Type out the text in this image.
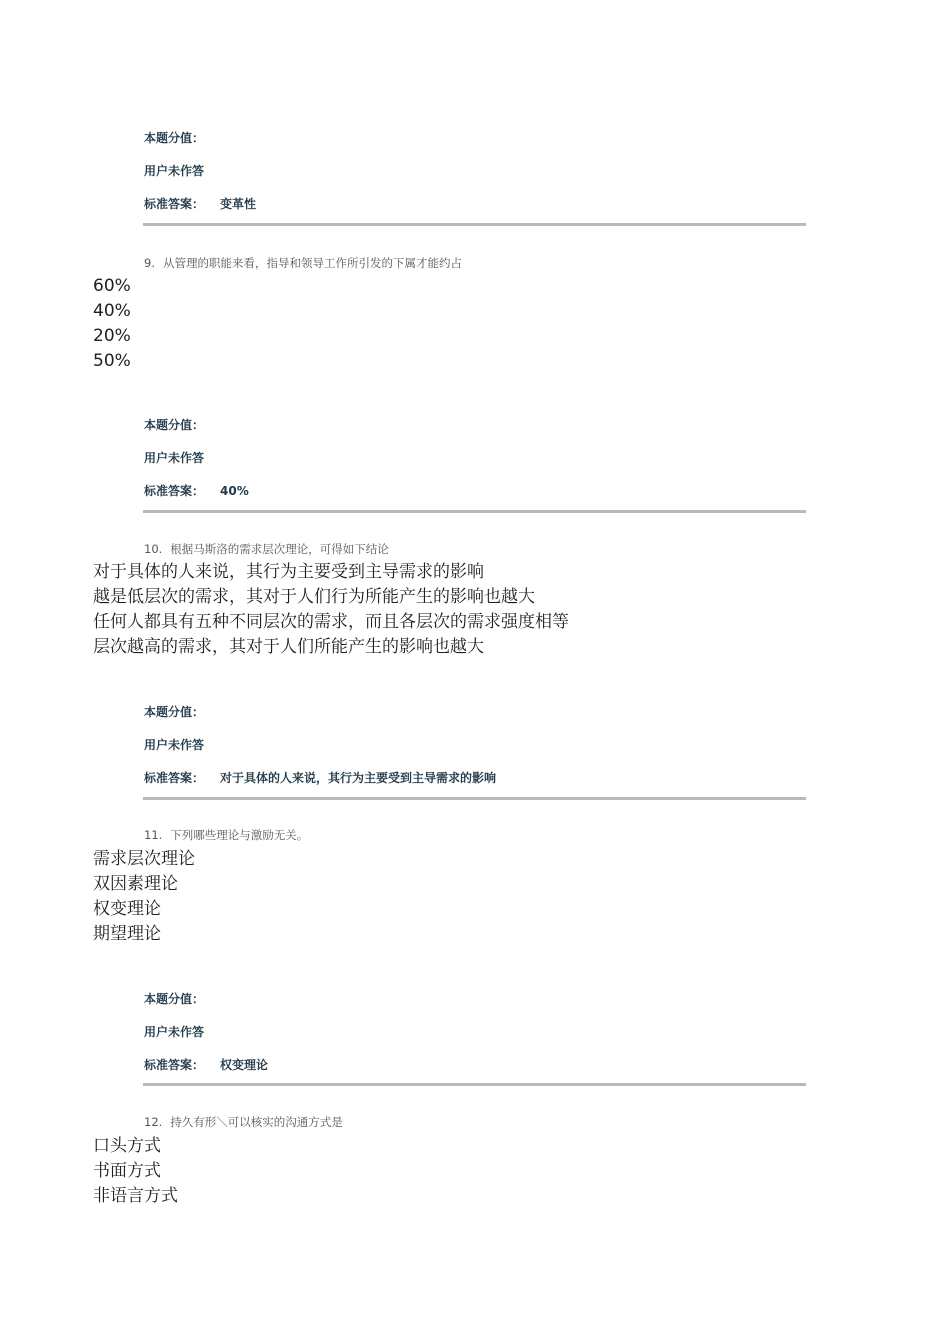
本题分值：
用户未作答
标准答案： 变革性
9. 从管理的职能来看，指导和领导工作所引发的下属才能约占
60%
40%
20%
50%
本题分值：
用户未作答
标准答案： 40%
10. 根据马斯洛的需求层次理论，可得如下结论
对于具体的人来说，其行为主要受到主导需求的影响
越是低层次的需求，其对于人们行为所能产生的影响也越大
任何人都具有五种不同层次的需求，而且各层次的需求强度相等
层次越高的需求，其对于人们所能产生的影响也越大
本题分值：
用户未作答
标准答案： 对于具体的人来说，其行为主要受到主导需求的影响
11. 下列哪些理论与激励无关。
需求层次理论
双因素理论
权变理论
期望理论
本题分值：
用户未作答
标准答案： 权变理论
12. 持久有形＼可以核实的沟通方式是
口头方式
书面方式
非语言方式
